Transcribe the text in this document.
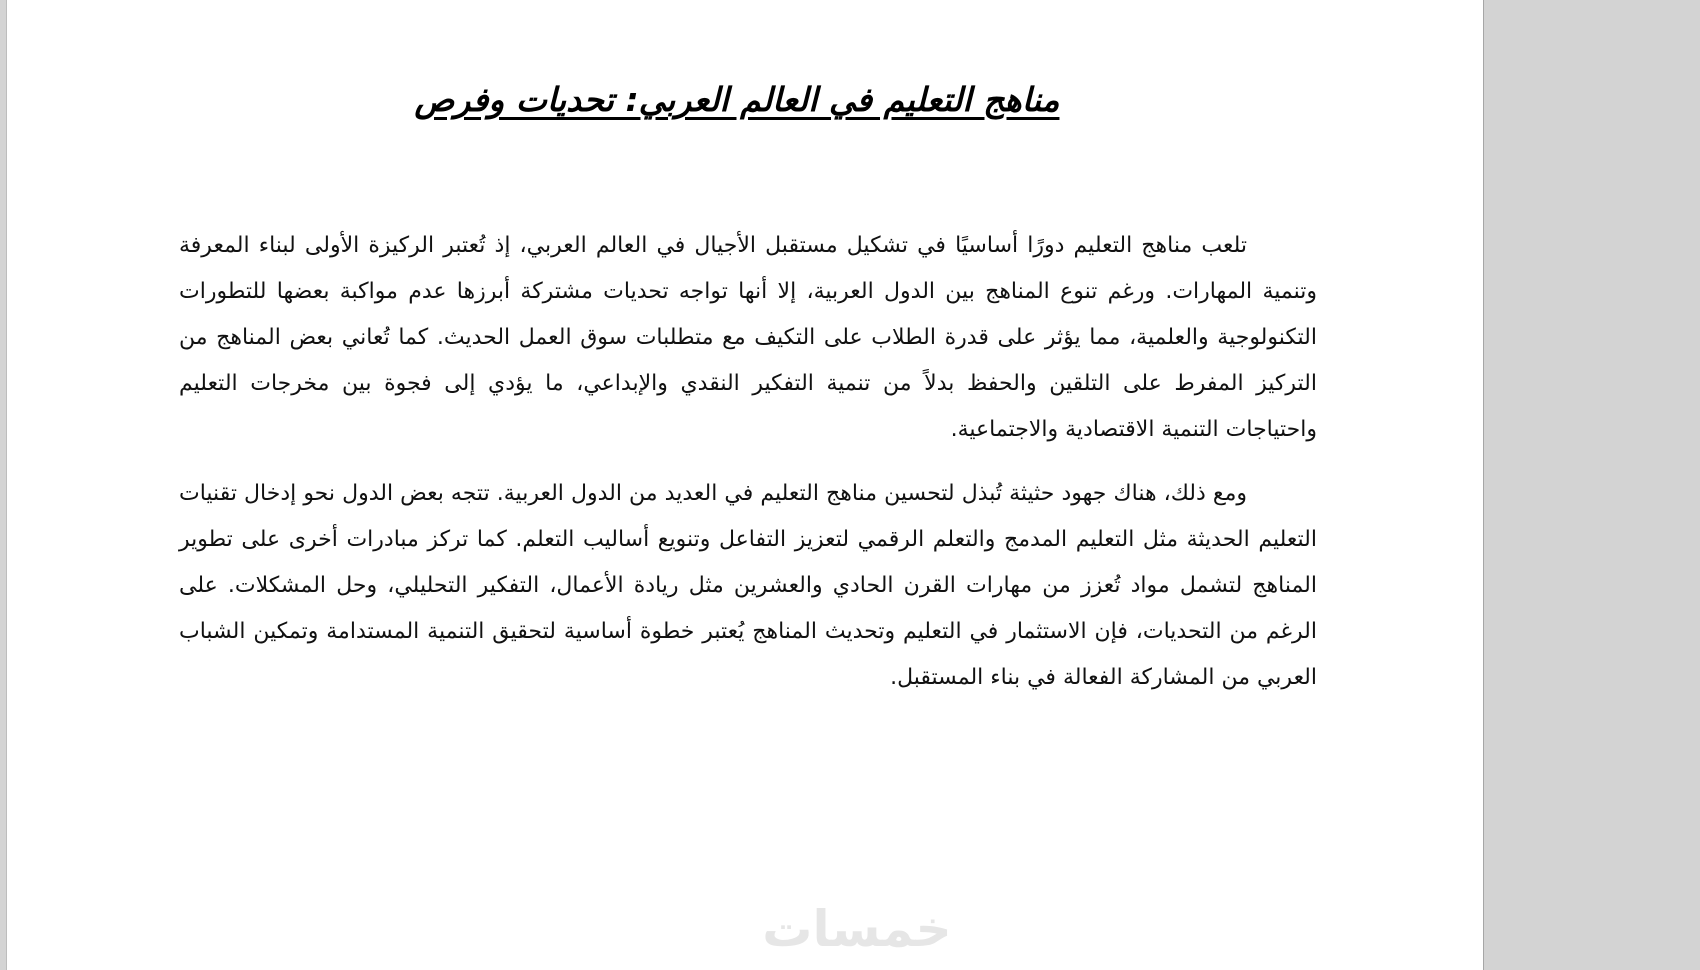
مناهج التعليم في العالم العربي: تحديات وفرص

تلعب مناهج التعليم دورًا أساسيًا في تشكيل مستقبل الأجيال في العالم العربي، إذ تُعتبر الركيزة الأولى لبناء المعرفة وتنمية المهارات. ورغم تنوع المناهج بين الدول العربية، إلا أنها تواجه تحديات مشتركة أبرزها عدم مواكبة بعضها للتطورات التكنولوجية والعلمية، مما يؤثر على قدرة الطلاب على التكيف مع متطلبات سوق العمل الحديث. كما تُعاني بعض المناهج من التركيز المفرط على التلقين والحفظ بدلاً من تنمية التفكير النقدي والإبداعي، ما يؤدي إلى فجوة بين مخرجات التعليم واحتياجات التنمية الاقتصادية والاجتماعية.

ومع ذلك، هناك جهود حثيثة تُبذل لتحسين مناهج التعليم في العديد من الدول العربية. تتجه بعض الدول نحو إدخال تقنيات التعليم الحديثة مثل التعليم المدمج والتعلم الرقمي لتعزيز التفاعل وتنويع أساليب التعلم. كما تركز مبادرات أخرى على تطوير المناهج لتشمل مواد تُعزز من مهارات القرن الحادي والعشرين مثل ريادة الأعمال، التفكير التحليلي، وحل المشكلات. على الرغم من التحديات، فإن الاستثمار في التعليم وتحديث المناهج يُعتبر خطوة أساسية لتحقيق التنمية المستدامة وتمكين الشباب العربي من المشاركة الفعالة في بناء المستقبل.

خمسات
